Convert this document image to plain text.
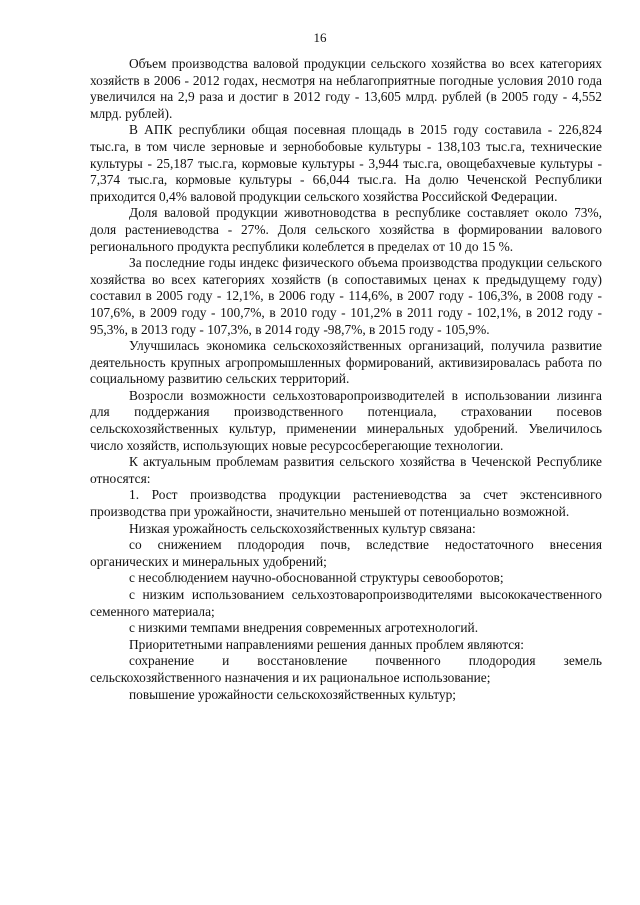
16

Объем производства валовой продукции сельского хозяйства во всех категориях хозяйств в 2006 - 2012 годах, несмотря на неблагоприятные погодные условия 2010 года увеличился на 2,9 раза и достиг в 2012 году - 13,605 млрд. рублей (в 2005 году - 4,552 млрд. рублей).

В АПК республики общая посевная площадь в 2015 году составила - 226,824 тыс.га, в том числе зерновые и зернобобовые культуры - 138,103 тыс.га, технические культуры - 25,187 тыс.га, кормовые культуры - 3,944 тыс.га, овощебахчевые культуры - 7,374 тыс.га, кормовые культуры - 66,044 тыс.га. На долю Чеченской Республики приходится 0,4% валовой продукции сельского хозяйства Российской Федерации.

Доля валовой продукции животноводства в республике составляет около 73%, доля растениеводства - 27%. Доля сельского хозяйства в формировании валового регионального продукта республики колеблется в пределах от 10 до 15 %.

За последние годы индекс физического объема производства продукции сельского хозяйства во всех категориях хозяйств (в сопоставимых ценах к предыдущему году) составил в 2005 году - 12,1%, в 2006 году - 114,6%, в 2007 году - 106,3%, в 2008 году - 107,6%, в 2009 году - 100,7%, в 2010 году - 101,2% в 2011 году - 102,1%, в 2012 году - 95,3%, в 2013 году - 107,3%, в 2014 году -98,7%, в 2015 году - 105,9%.

Улучшилась экономика сельскохозяйственных организаций, получила развитие деятельность крупных агропромышленных формирований, активизировалась работа по социальному развитию сельских территорий.

Возросли возможности сельхозтоваропроизводителей в использовании лизинга для поддержания производственного потенциала, страховании посевов сельскохозяйственных культур, применении минеральных удобрений. Увеличилось число хозяйств, использующих новые ресурсосберегающие технологии.

К актуальным проблемам развития сельского хозяйства в Чеченской Республике относятся:

1. Рост производства продукции растениеводства за счет экстенсивного производства при урожайности, значительно меньшей от потенциально возможной.

Низкая урожайность сельскохозяйственных культур связана:

со снижением плодородия почв, вследствие недостаточного внесения органических и минеральных удобрений;

с несоблюдением научно-обоснованной структуры севооборотов;

с низким использованием сельхозтоваропроизводителями высококачественного семенного материала;

с низкими темпами внедрения современных агротехнологий.

Приоритетными направлениями решения данных проблем являются:

сохранение и восстановление почвенного плодородия земель сельскохозяйственного назначения и их рациональное использование;

повышение урожайности сельскохозяйственных культур;
